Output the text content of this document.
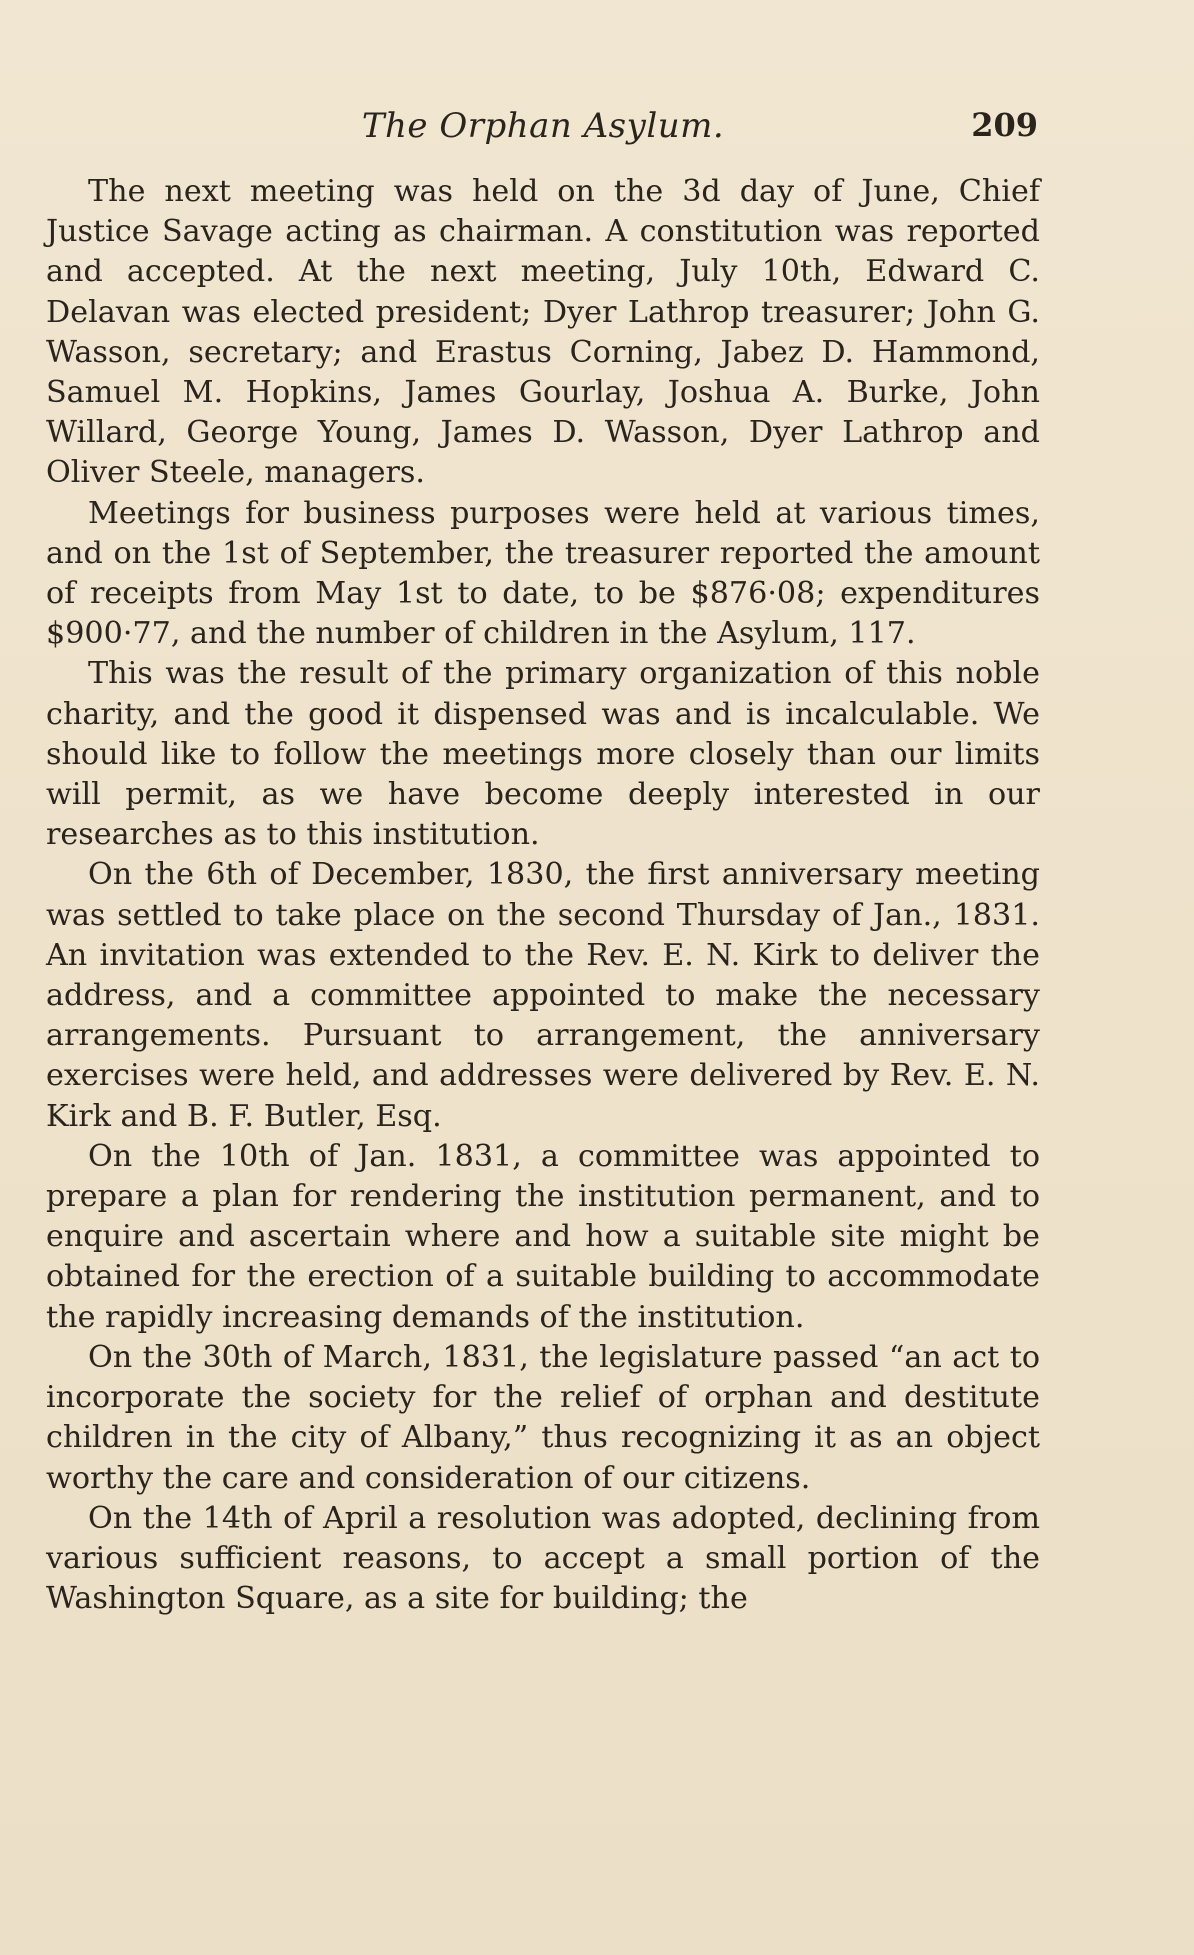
The Orphan Asylum.	209

The next meeting was held on the 3d day of June, Chief Justice Savage acting as chairman. A constitution was reported and accepted. At the next meeting, July 10th, Edward C. Delavan was elected president; Dyer Lathrop treasurer; John G. Wasson, secretary; and Erastus Corning, Jabez D. Hammond, Samuel M. Hopkins, James Gourlay, Joshua A. Burke, John Willard, George Young, James D. Wasson, Dyer Lathrop and Oliver Steele, managers.

Meetings for business purposes were held at various times, and on the 1st of September, the treasurer reported the amount of receipts from May 1st to date, to be $876·08; expenditures $900·77, and the number of children in the Asylum, 117.

This was the result of the primary organization of this noble charity, and the good it dispensed was and is incalculable. We should like to follow the meetings more closely than our limits will permit, as we have become deeply interested in our researches as to this institution.

On the 6th of December, 1830, the first anniversary meeting was settled to take place on the second Thursday of Jan., 1831. An invitation was extended to the Rev. E. N. Kirk to deliver the address, and a committee appointed to make the necessary arrangements. Pursuant to arrangement, the anniversary exercises were held, and addresses were delivered by Rev. E. N. Kirk and B. F. Butler, Esq.

On the 10th of Jan. 1831, a committee was appointed to prepare a plan for rendering the institution permanent, and to enquire and ascertain where and how a suitable site might be obtained for the erection of a suitable building to accommodate the rapidly increasing demands of the institution.

On the 30th of March, 1831, the legislature passed “an act to incorporate the society for the relief of orphan and destitute children in the city of Albany,” thus recognizing it as an object worthy the care and consideration of our citizens.

On the 14th of April a resolution was adopted, declining from various sufficient reasons, to accept a small portion of the Washington Square, as a site for building; the
